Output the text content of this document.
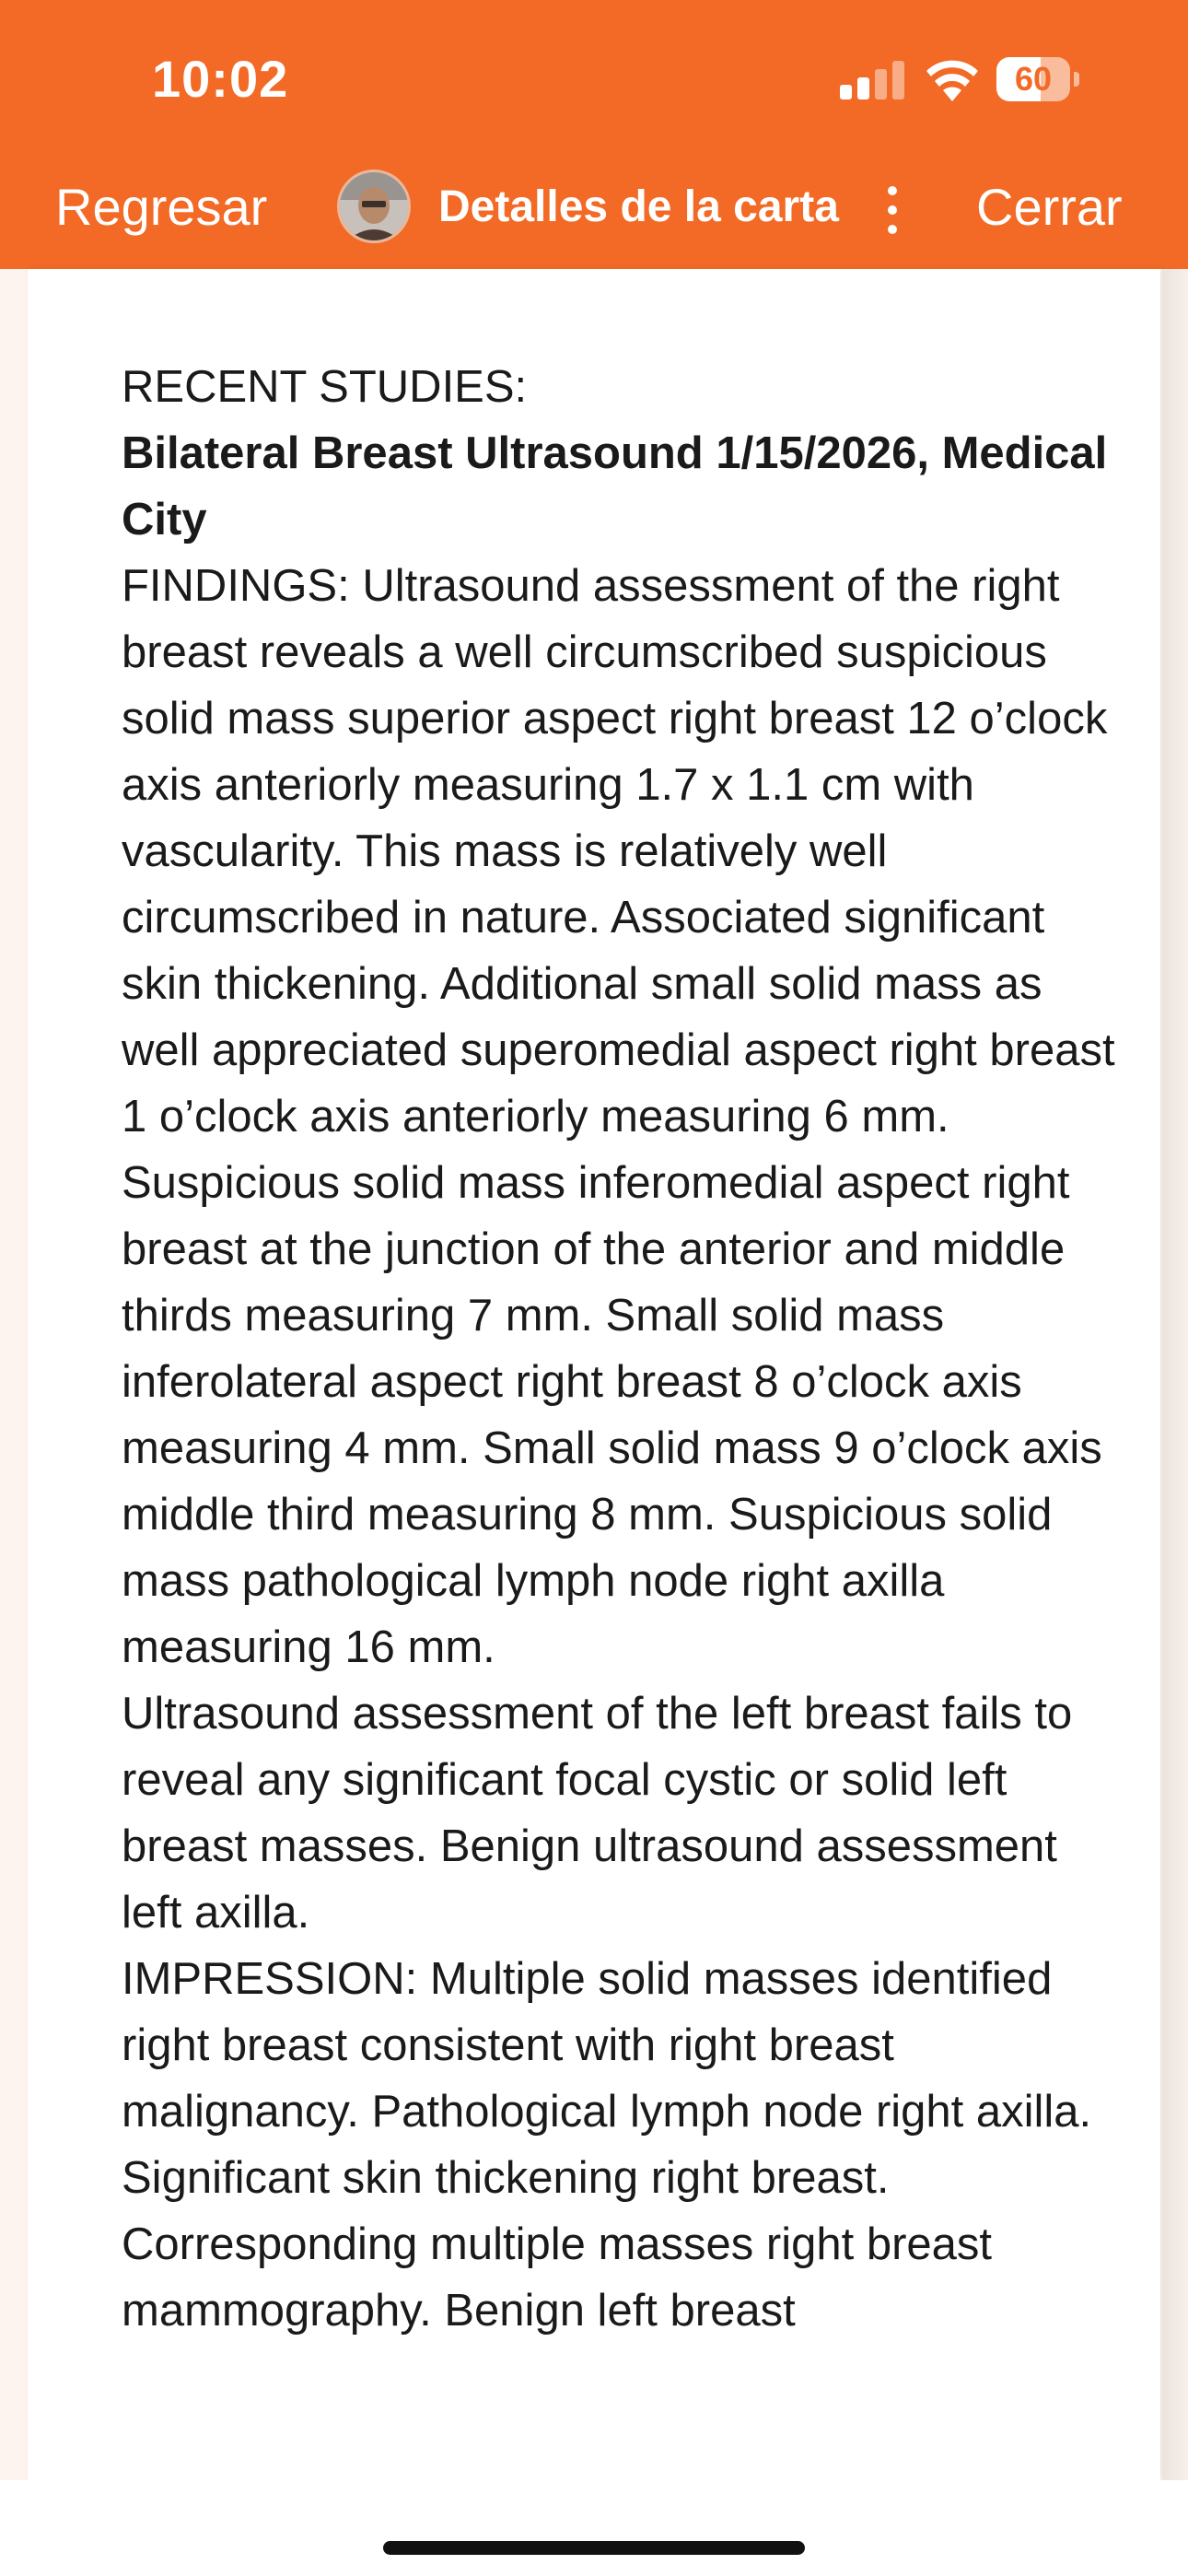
10:02	60
Regresar	Detalles de la carta	Cerrar

RECENT STUDIES:

Bilateral Breast Ultrasound 1/15/2026, Medical City

FINDINGS: Ultrasound assessment of the right breast reveals a well circumscribed suspicious solid mass superior aspect right breast 12 o’clock axis anteriorly measuring 1.7 x 1.1 cm with vascularity. This mass is relatively well circumscribed in nature. Associated significant skin thickening. Additional small solid mass as well appreciated superomedial aspect right breast 1 o’clock axis anteriorly measuring 6 mm. Suspicious solid mass inferomedial aspect right breast at the junction of the anterior and middle thirds measuring 7 mm. Small solid mass inferolateral aspect right breast 8 o’clock axis measuring 4 mm. Small solid mass 9 o’clock axis middle third measuring 8 mm. Suspicious solid mass pathological lymph node right axilla measuring 16 mm.

Ultrasound assessment of the left breast fails to reveal any significant focal cystic or solid left breast masses. Benign ultrasound assessment left axilla.

IMPRESSION: Multiple solid masses identified right breast consistent with right breast malignancy. Pathological lymph node right axilla. Significant skin thickening right breast. Corresponding multiple masses right breast mammography. Benign left breast
